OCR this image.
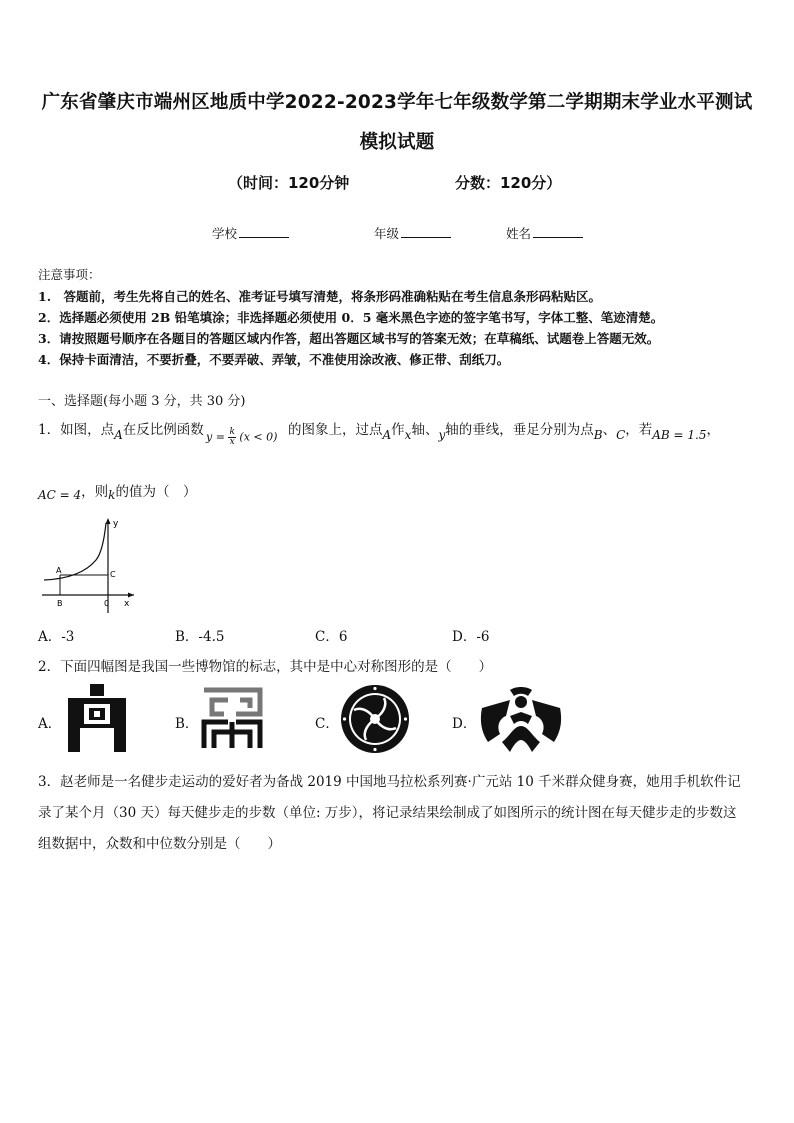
广东省肇庆市端州区地质中学2022-2023学年七年级数学第二学期期末学业水平测试
模拟试题
（时间：120分钟	分数：120分）
学校	年级	姓名
注意事项：
1.　答题前，考生先将自己的姓名、准考证号填写清楚，将条形码准确粘贴在考生信息条形码粘贴区。
2．选择题必须使用 2B 铅笔填涂；非选择题必须使用 0．5 毫米黑色字迹的签字笔书写，字体工整、笔迹清楚。
3．请按照题号顺序在各题目的答题区域内作答，超出答题区域书写的答案无效；在草稿纸、试题卷上答题无效。
4．保持卡面清洁，不要折叠，不要弄破、弄皱，不准使用涂改液、修正带、刮纸刀。
一、选择题(每小题 3 分，共 30 分)
1．如图，点A在反比例函数 $y = \frac{k}{x} (x < 0)$ 的图象上，过点A作x轴、y轴的垂线，垂足分别为点B、C，若AB = 1.5，
AC = 4，则k的值为（　）
A
B
C
0 x
y
A．-3	B．-4.5	C．6	D．-6
2．下面四幅图是我国一些博物馆的标志，其中是中心对称图形的是（　　）
A．	B．	C．	D．
3．赵老师是一名健步走运动的爱好者为备战 2019 中国地马拉松系列赛·广元站 10 千米群众健身赛，她用手机软件记
录了某个月（30 天）每天健步走的步数（单位: 万步），将记录结果绘制成了如图所示的统计图在每天健步走的步数这
组数据中，众数和中位数分别是（　　）
